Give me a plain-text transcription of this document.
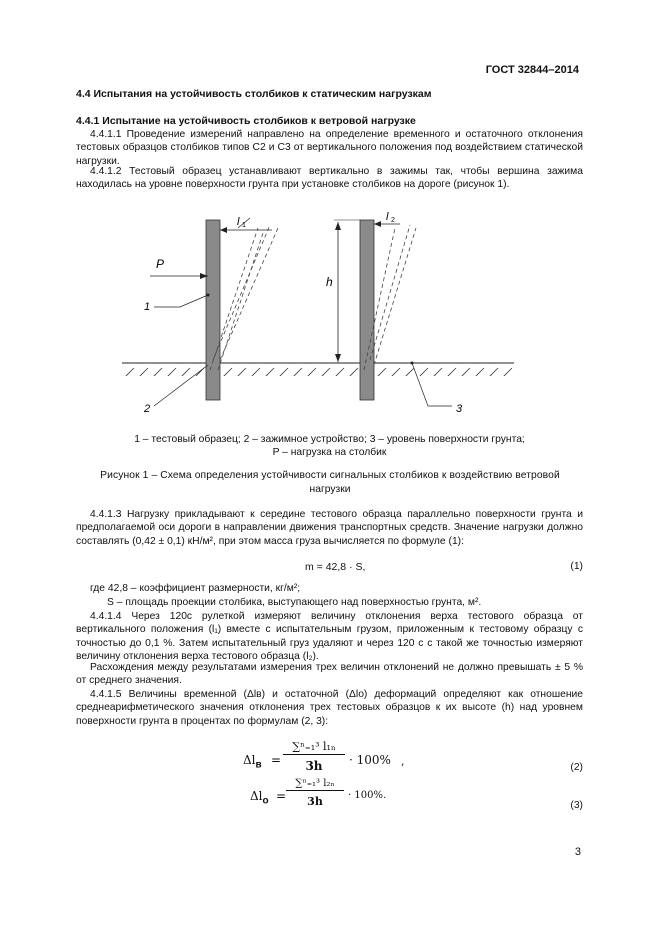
ГОСТ 32844–2014
4.4 Испытания на устойчивость столбиков к статическим нагрузкам
4.4.1 Испытание на устойчивость столбиков к ветровой нагрузке
4.4.1.1 Проведение измерений направлено на определение временного и остаточного отклонения тестовых образцов столбиков типов С2 и С3 от вертикального положения под воздействием статической нагрузки.
4.4.1.2 Тестовый образец устанавливают вертикально в зажимы так, чтобы вершина зажима находилась на уровне поверхности грунта при установке столбиков на дороге (рисунок 1).
l 1
P
1
2
l 2
h
3
1 – тестовый образец; 2 – зажимное устройство; 3 – уровень поверхности грунта;
P – нагрузка на столбик
Рисунок 1 – Схема определения устойчивости сигнальных столбиков к воздействию ветровой
нагрузки
4.4.1.3 Нагрузку прикладывают к середине тестового образца параллельно поверхности грунта и предполагаемой оси дороги в направлении движения транспортных средств. Значение нагрузки должно составлять (0,42 ± 0,1) кН/м², при этом масса груза вычисляется по формуле (1):
m = 42,8 · S,	(1)
где 42,8 – коэффициент размерности, кг/м²;
S – площадь проекции столбика, выступающего над поверхностью грунта, м².
4.4.1.4 Через 120с рулеткой измеряют величину отклонения верха тестового образца от вертикального положения (l₁) вместе с испытательным грузом, приложенным к тестовому образцу с точностью до 0,1 %. Затем испытательный груз удаляют и через 120 с с такой же точностью измеряют величину отклонения верха тестового образца (l₂).
Расхождения между результатами измерения трех величин отклонений не должно превышать ± 5 % от среднего значения.
4.4.1.5 Величины временной (Δlв) и остаточной (Δlо) деформаций определяют как отношение среднеарифметического значения отклонения трех тестовых образцов к их высоте (h) над уровнем поверхности грунта в процентах по формулам (2, 3):
$\Delta l_в$ =
∑ⁿ₌₁³ l₁ₙ
3h	· 100% ,	(2)
$\Delta l_о$ =
∑ⁿ₌₁³ l₂ₙ
3h	· 100%.
(3)
3
